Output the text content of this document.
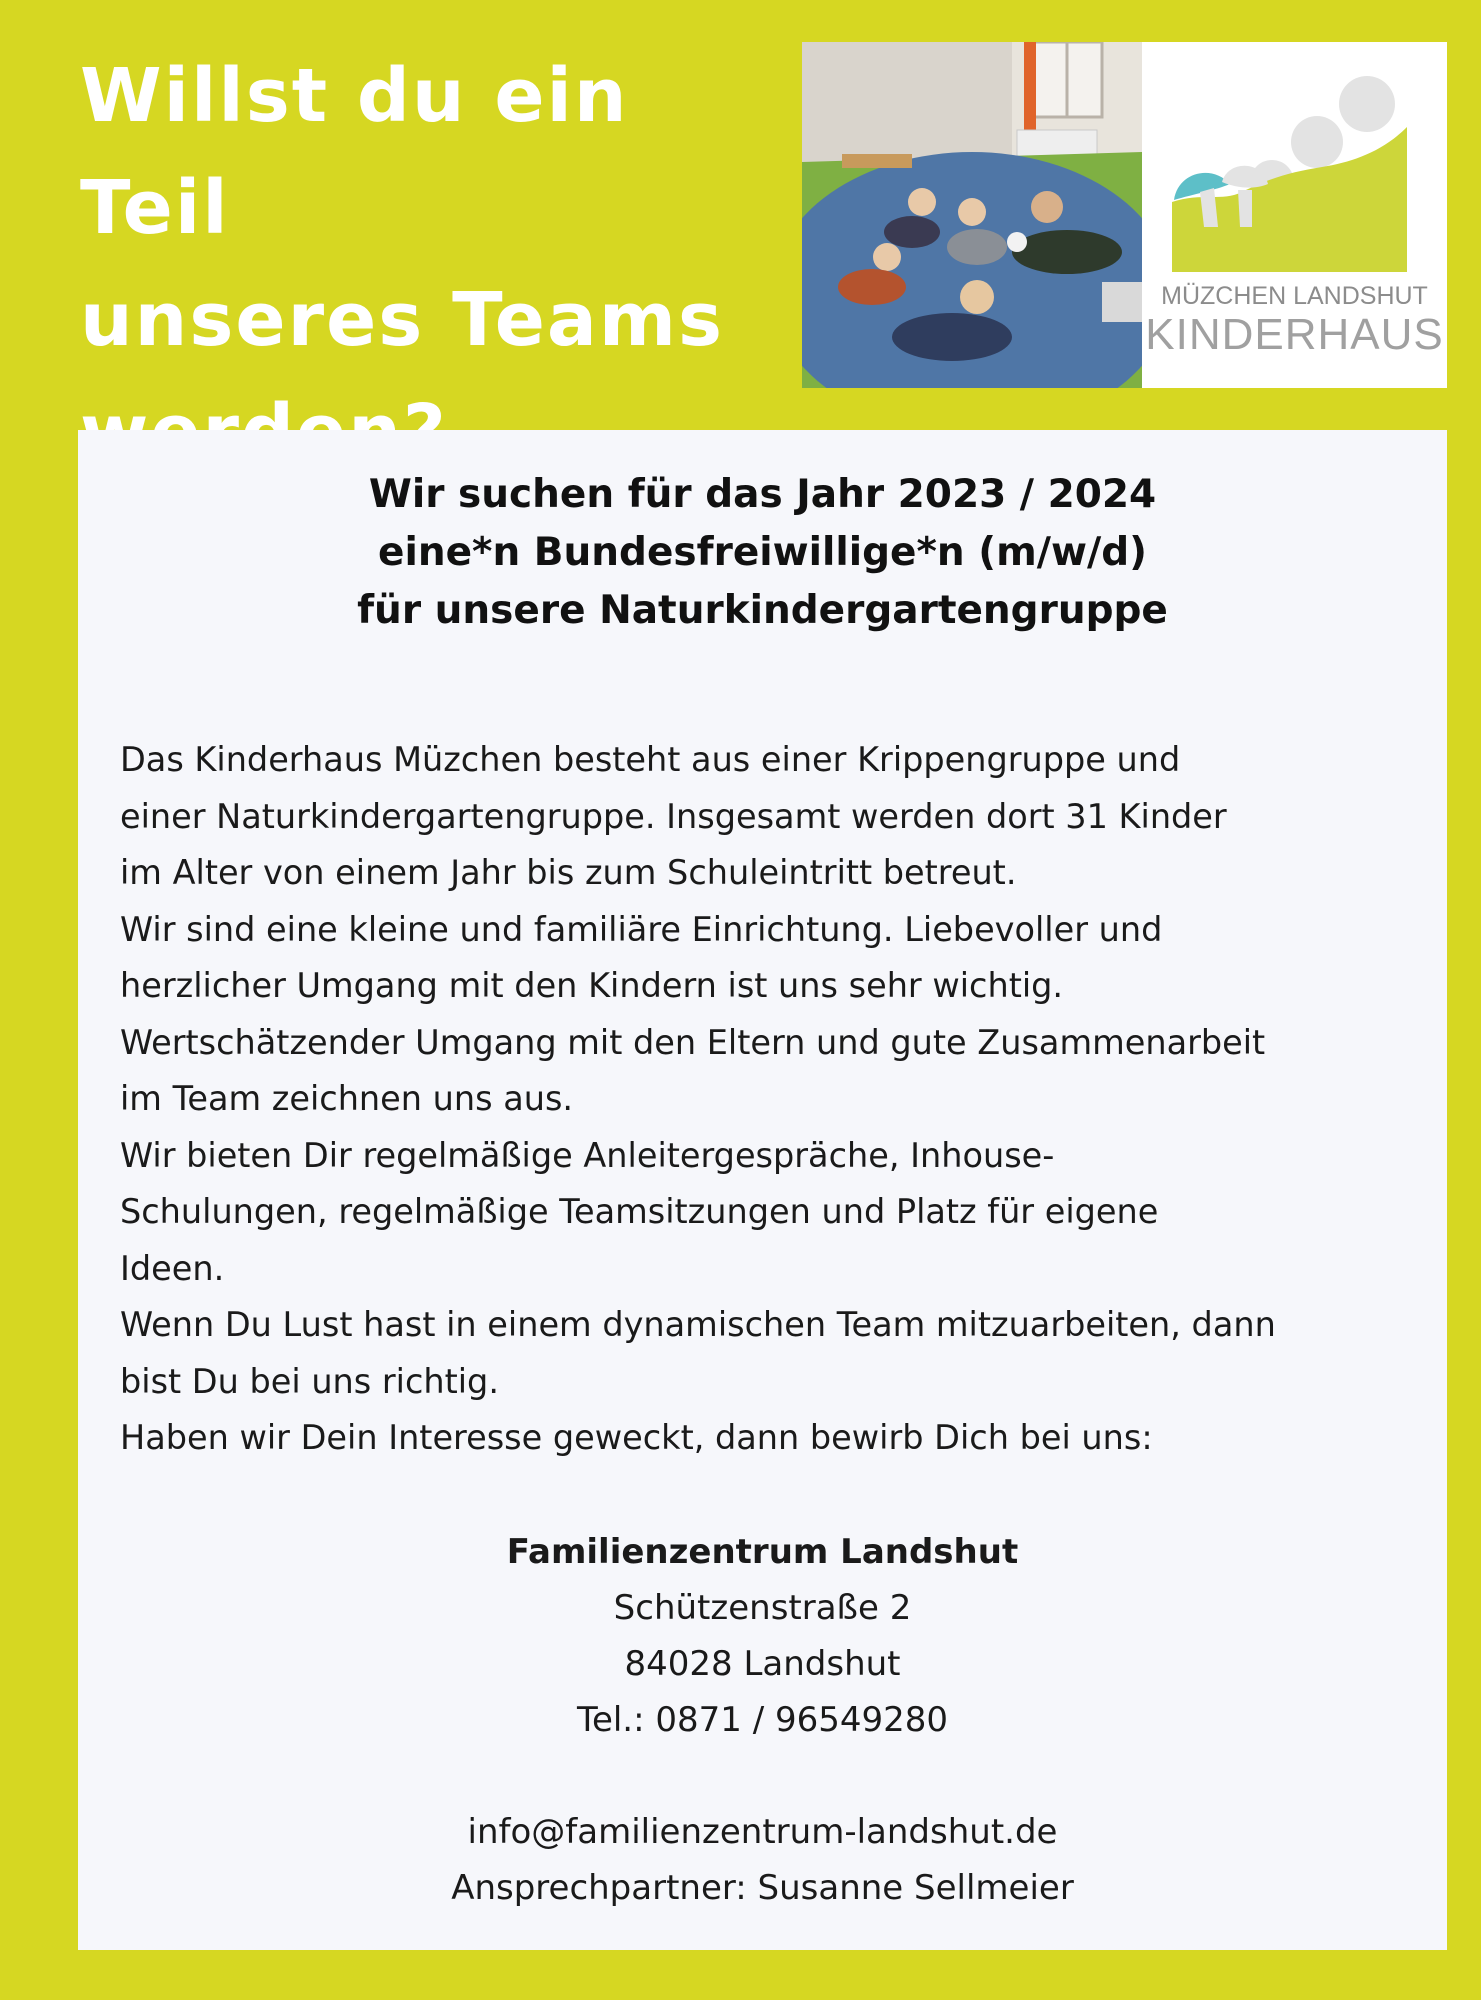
Willst du ein Teil
unseres Teams	MÜZCHEN LANDSHUT
KINDERHAUS
Wir suchen für das Jahr 2023 / 2024
eine*n Bundesfreiwillige*n (m/w/d)
für unsere Naturkindergartengruppe
Das Kinderhaus Müzchen besteht aus einer Krippengruppe und
einer Naturkindergartengruppe. Insgesamt werden dort 31 Kinder
im Alter von einem Jahr bis zum Schuleintritt betreut.
Wir sind eine kleine und familiäre Einrichtung. Liebevoller und
herzlicher Umgang mit den Kindern ist uns sehr wichtig.
Wertschätzender Umgang mit den Eltern und gute Zusammenarbeit
im Team zeichnen uns aus.
Wir bieten Dir regelmäßige Anleitergespräche, Inhouse-
Schulungen, regelmäßige Teamsitzungen und Platz für eigene
Ideen.
Wenn Du Lust hast in einem dynamischen Team mitzuarbeiten, dann
bist Du bei uns richtig.
Haben wir Dein Interesse geweckt, dann bewirb Dich bei uns:
Familienzentrum Landshut
Schützenstraße 2
84028 Landshut
Tel.: 0871 / 96549280
info@familienzentrum-landshut.de
Ansprechpartner: Susanne Sellmeier
